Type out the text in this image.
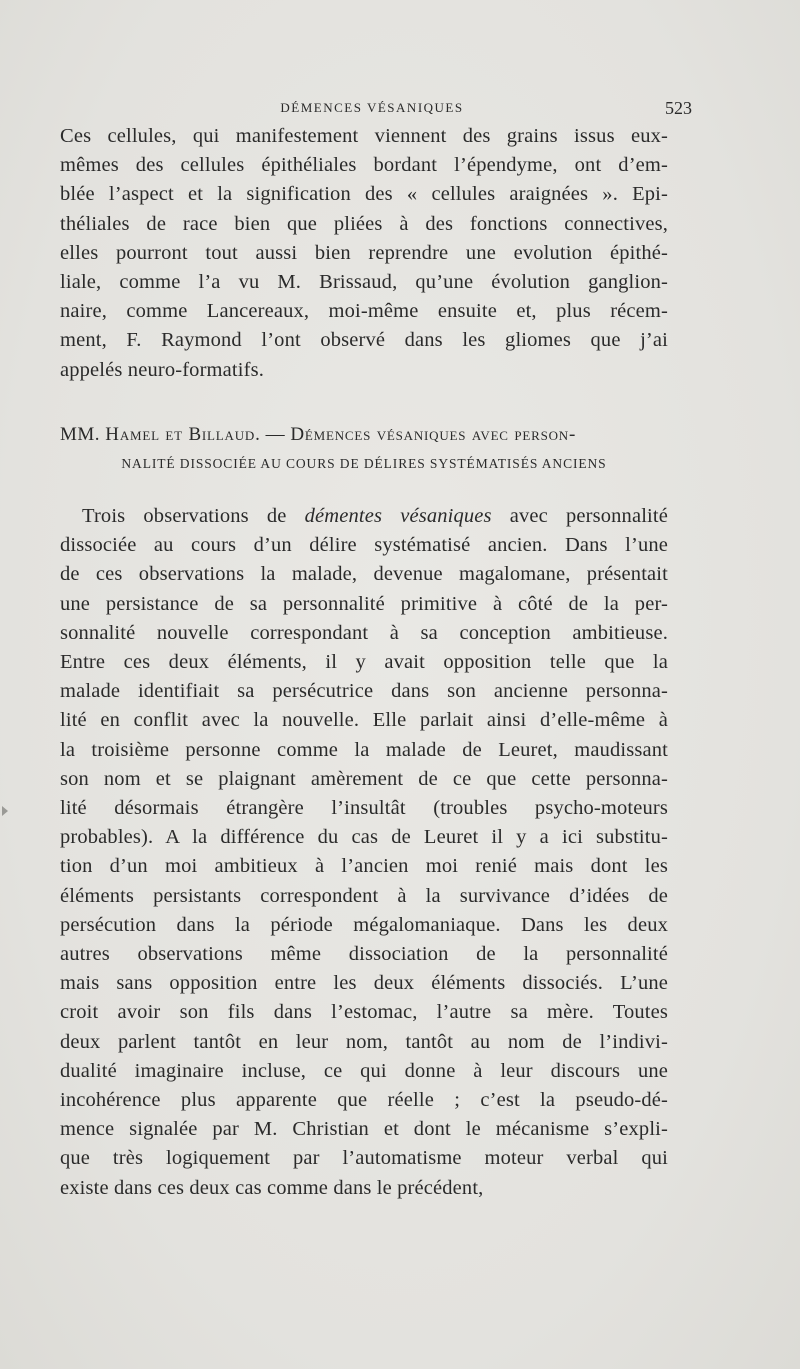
DÉMENCES VÉSANIQUES	523
Ces cellules, qui manifestement viennent des grains issus eux-
mêmes des cellules épithéliales bordant l’épendyme, ont d’em-
blée l’aspect et la signification des « cellules araignées ». Epi-
théliales de race bien que pliées à des fonctions connectives,
elles pourront tout aussi bien reprendre une evolution épithé-
liale, comme l’a vu M. Brissaud, qu’une évolution ganglion-
naire, comme Lancereaux, moi-même ensuite et, plus récem-
ment, F. Raymond l’ont observé dans les gliomes que j’ai
appelés neuro-formatifs.
MM. Hamel et Billaud. — Démences vésaniques avec person-
NALITÉ DISSOCIÉE AU COURS DE DÉLIRES SYSTÉMATISÉS ANCIENS
Trois observations de démentes vésaniques avec personnalité
dissociée au cours d’un délire systématisé ancien. Dans l’une
de ces observations la malade, devenue magalomane, présentait
une persistance de sa personnalité primitive à côté de la per-
sonnalité nouvelle correspondant à sa conception ambitieuse.
Entre ces deux éléments, il y avait opposition telle que la
malade identifiait sa persécutrice dans son ancienne personna-
lité en conflit avec la nouvelle. Elle parlait ainsi d’elle-même à
la troisième personne comme la malade de Leuret, maudissant
son nom et se plaignant amèrement de ce que cette personna-
lité désormais étrangère l’insultât (troubles psycho-moteurs
probables). A la différence du cas de Leuret il y a ici substitu-
tion d’un moi ambitieux à l’ancien moi renié mais dont les
éléments persistants correspondent à la survivance d’idées de
persécution dans la période mégalomaniaque. Dans les deux
autres observations même dissociation de la personnalité
mais sans opposition entre les deux éléments dissociés. L’une
croit avoir son fils dans l’estomac, l’autre sa mère. Toutes
deux parlent tantôt en leur nom, tantôt au nom de l’indivi-
dualité imaginaire incluse, ce qui donne à leur discours une
incohérence plus apparente que réelle ; c’est la pseudo-dé-
mence signalée par M. Christian et dont le mécanisme s’expli-
que très logiquement par l’automatisme moteur verbal qui
existe dans ces deux cas comme dans le précédent,
